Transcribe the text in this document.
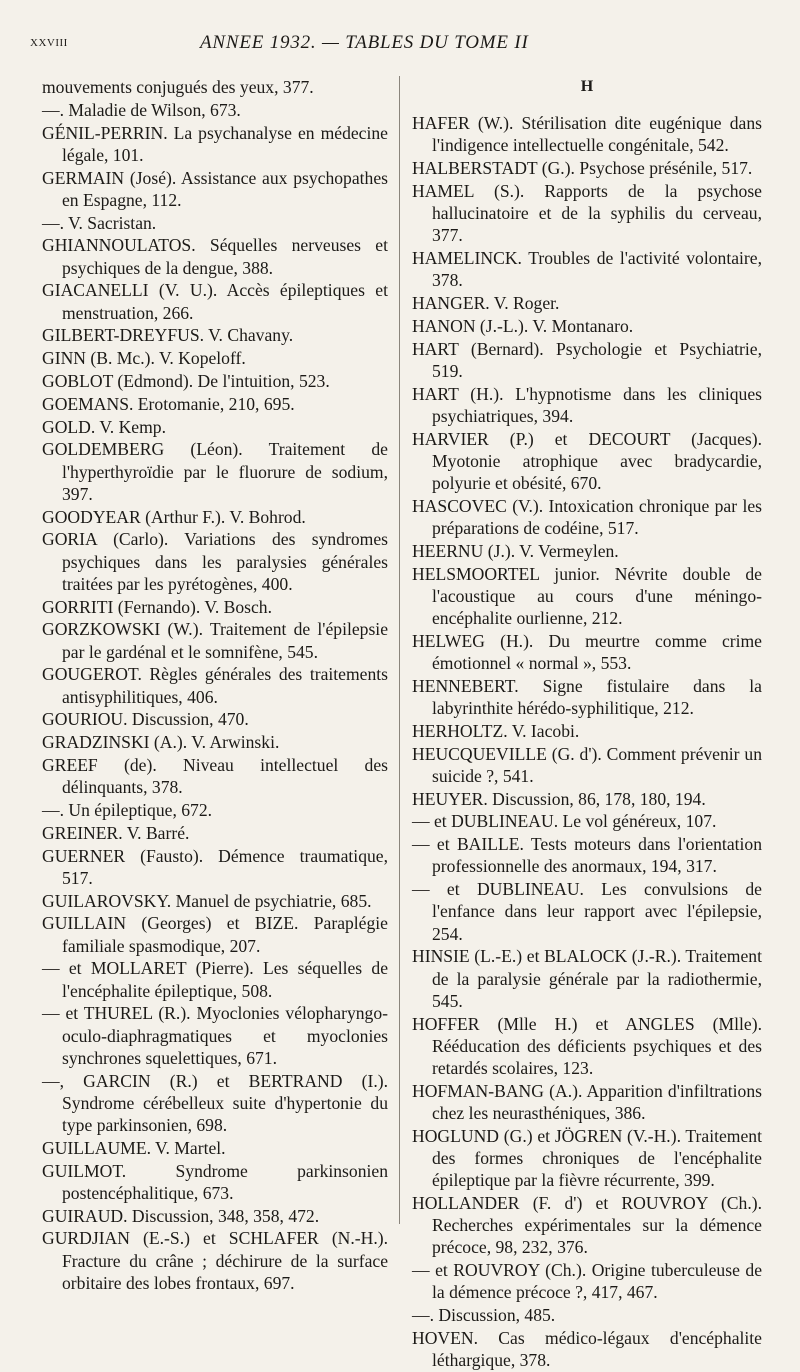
xxviii	ANNEE 1932. — TABLES DU TOME II

mouvements conjugués des yeux, 377.

—. Maladie de Wilson, 673.

GÉNIL-PERRIN. La psychanalyse en médecine légale, 101.

GERMAIN (José). Assistance aux psychopathes en Espagne, 112.

—. V. Sacristan.

GHIANNOULATOS. Séquelles nerveuses et psychiques de la dengue, 388.

GIACANELLI (V. U.). Accès épileptiques et menstruation, 266.

GILBERT-DREYFUS. V. Chavany.

GINN (B. Mc.). V. Kopeloff.

GOBLOT (Edmond). De l'intuition, 523.

GOEMANS. Erotomanie, 210, 695.

GOLD. V. Kemp.

GOLDEMBERG (Léon). Traitement de l'hyperthyroïdie par le fluorure de sodium, 397.

GOODYEAR (Arthur F.). V. Bohrod.

GORIA (Carlo). Variations des syndromes psychiques dans les paralysies générales traitées par les pyrétogènes, 400.

GORRITI (Fernando). V. Bosch.

GORZKOWSKI (W.). Traitement de l'épilepsie par le gardénal et le somnifène, 545.

GOUGEROT. Règles générales des traitements antisyphilitiques, 406.

GOURIOU. Discussion, 470.

GRADZINSKI (A.). V. Arwinski.

GREEF (de). Niveau intellectuel des délinquants, 378.

—. Un épileptique, 672.

GREINER. V. Barré.

GUERNER (Fausto). Démence traumatique, 517.

GUILAROVSKY. Manuel de psychiatrie, 685.

GUILLAIN (Georges) et BIZE. Paraplégie familiale spasmodique, 207.

— et MOLLARET (Pierre). Les séquelles de l'encéphalite épileptique, 508.

— et THUREL (R.). Myoclonies vélopharyngo-oculo-diaphragmatiques et myoclonies synchrones squelettiques, 671.

—, GARCIN (R.) et BERTRAND (I.). Syndrome cérébelleux suite d'hypertonie du type parkinsonien, 698.

GUILLAUME. V. Martel.

GUILMOT. Syndrome parkinsonien postencéphalitique, 673.

GUIRAUD. Discussion, 348, 358, 472.

GURDJIAN (E.-S.) et SCHLAFER (N.-H.). Fracture du crâne ; déchirure de la surface orbitaire des lobes frontaux, 697.

H

HAFER (W.). Stérilisation dite eugénique dans l'indigence intellectuelle congénitale, 542.

HALBERSTADT (G.). Psychose présénile, 517.

HAMEL (S.). Rapports de la psychose hallucinatoire et de la syphilis du cerveau, 377.

HAMELINCK. Troubles de l'activité volontaire, 378.

HANGER. V. Roger.

HANON (J.-L.). V. Montanaro.

HART (Bernard). Psychologie et Psychiatrie, 519.

HART (H.). L'hypnotisme dans les cliniques psychiatriques, 394.

HARVIER (P.) et DECOURT (Jacques). Myotonie atrophique avec bradycardie, polyurie et obésité, 670.

HASCOVEC (V.). Intoxication chronique par les préparations de codéine, 517.

HEERNU (J.). V. Vermeylen.

HELSMOORTEL junior. Névrite double de l'acoustique au cours d'une méningo-encéphalite ourlienne, 212.

HELWEG (H.). Du meurtre comme crime émotionnel « normal », 553.

HENNEBERT. Signe fistulaire dans la labyrinthite hérédo-syphilitique, 212.

HERHOLTZ. V. Iacobi.

HEUCQUEVILLE (G. d'). Comment prévenir un suicide ?, 541.

HEUYER. Discussion, 86, 178, 180, 194.

— et DUBLINEAU. Le vol généreux, 107.

— et BAILLE. Tests moteurs dans l'orientation professionnelle des anormaux, 194, 317.

— et DUBLINEAU. Les convulsions de l'enfance dans leur rapport avec l'épilepsie, 254.

HINSIE (L.-E.) et BLALOCK (J.-R.). Traitement de la paralysie générale par la radiothermie, 545.

HOFFER (Mlle H.) et ANGLES (Mlle). Rééducation des déficients psychiques et des retardés scolaires, 123.

HOFMAN-BANG (A.). Apparition d'infiltrations chez les neurasthéniques, 386.

HOGLUND (G.) et JÖGREN (V.-H.). Traitement des formes chroniques de l'encéphalite épileptique par la fièvre récurrente, 399.

HOLLANDER (F. d') et ROUVROY (Ch.). Recherches expérimentales sur la démence précoce, 98, 232, 376.

— et ROUVROY (Ch.). Origine tuberculeuse de la démence précoce ?, 417, 467.

—. Discussion, 485.

HOVEN. Cas médico-légaux d'encéphalite léthargique, 378.
